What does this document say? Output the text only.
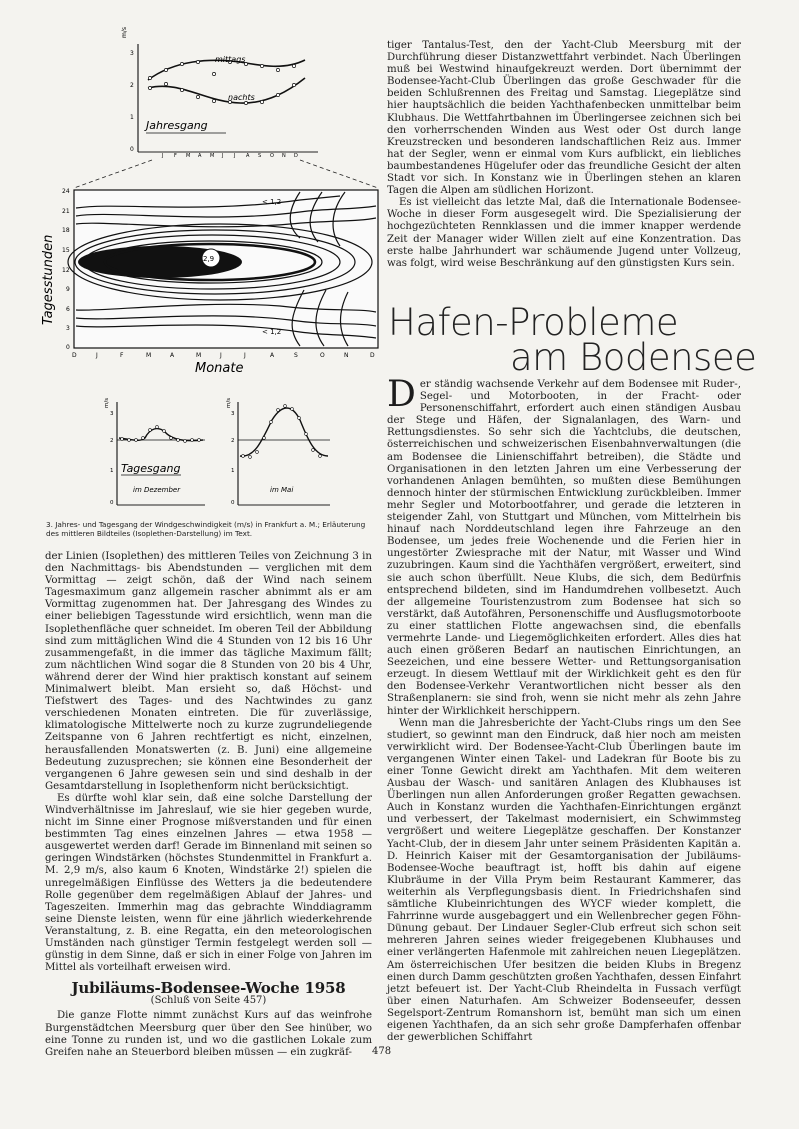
m/s
3
2
1
0
mittags
nachts
Jahresgang
J F M A M J J A S O N D
2,9
< 1,2
< 1,2
24
21
18
15
12
9
6
3
0
Tagesstunden
D	J	F	M	A	M	J	J	A	S	O	N	D
Monate
m/s
3
2
1
0
Tagesgang
im Dezember
m/s
3
2
1
0
im Mai
3. Jahres- und Tagesgang der Windgeschwindigkeit (m/s) in Frankfurt a. M.; Erläuterung des mittleren Bildteiles (Isoplethen-Darstellung) im Text.

der Linien (Isoplethen) des mittleren Teiles von Zeichnung 3 in den Nachmittags- bis Abendstunden — verglichen mit dem Vormittag — zeigt schön, daß der Wind nach seinem Tagesmaximum ganz allgemein rascher abnimmt als er am Vormittag zugenommen hat. Der Jahresgang des Windes zu einer beliebigen Tagesstunde wird ersichtlich, wenn man die Isoplethenfläche quer schneidet. Im oberen Teil der Abbildung sind zum mittäglichen Wind die 4 Stunden von 12 bis 16 Uhr zusammengefaßt, in die immer das tägliche Maximum fällt; zum nächtlichen Wind sogar die 8 Stunden von 20 bis 4 Uhr, während derer der Wind hier praktisch konstant auf seinem Minimalwert bleibt. Man ersieht so, daß Höchst- und Tiefstwert des Tages- und des Nachtwindes zu ganz verschiedenen Monaten eintreten. Die für zuverlässige, klimatologische Mittelwerte noch zu kurze zugrundeliegende Zeitspanne von 6 Jahren rechtfertigt es nicht, einzelnen, herausfallenden Monatswerten (z. B. Juni) eine allgemeine Bedeutung zuzusprechen; sie können eine Besonderheit der vergangenen 6 Jahre gewesen sein und sind deshalb in der Gesamtdarstellung in Isoplethenform nicht berücksichtigt.

Es dürfte wohl klar sein, daß eine solche Darstellung der Windverhältnisse im Jahreslauf, wie sie hier gegeben wurde, nicht im Sinne einer Prognose mißverstanden und für einen bestimmten Tag eines einzelnen Jahres — etwa 1958 — ausgewertet werden darf! Gerade im Binnenland mit seinen so geringen Windstärken (höchstes Stundenmittel in Frankfurt a. M. 2,9 m/s, also kaum 6 Knoten, Windstärke 2!) spielen die unregelmäßigen Einflüsse des Wetters ja die bedeutendere Rolle gegenüber dem regelmäßigen Ablauf der Jahres- und Tageszeiten. Immerhin mag das gebrachte Winddiagramm seine Dienste leisten, wenn für eine jährlich wiederkehrende Veranstaltung, z. B. eine Regatta, ein den meteorologischen Umständen nach günstiger Termin festgelegt werden soll — günstig in dem Sinne, daß er sich in einer Folge von Jahren im Mittel als vorteilhaft erweisen wird.

Jubiläums-Bodensee-Woche 1958
(Schluß von Seite 457)

Die ganze Flotte nimmt zunächst Kurs auf das weinfrohe Burgenstädtchen Meersburg quer über den See hinüber, wo eine Tonne zu runden ist, und wo die gastlichen Lokale zum Greifen nahe an Steuerbord bleiben müssen — ein zugkräf-

tiger Tantalus-Test, den der Yacht-Club Meersburg mit der Durchführung dieser Distanzwettfahrt verbindet. Nach Überlingen muß bei Westwind hinaufgekreuzt werden. Dort übernimmt der Bodensee-Yacht-Club Überlingen das große Geschwader für die beiden Schlußrennen des Freitag und Samstag. Liegeplätze sind hier hauptsächlich die beiden Yachthafenbecken unmittelbar beim Klubhaus. Die Wettfahrtbahnen im Überlingersee zeichnen sich bei den vorherrschenden Winden aus West oder Ost durch lange Kreuzstrecken und besonderen landschaftlichen Reiz aus. Immer hat der Segler, wenn er einmal vom Kurs aufblickt, ein liebliches baumbestandenes Hügelufer oder das freundliche Gesicht der alten Stadt vor sich. In Konstanz wie in Überlingen stehen an klaren Tagen die Alpen am südlichen Horizont.

Es ist vielleicht das letzte Mal, daß die Internationale Bodensee-Woche in dieser Form ausgesegelt wird. Die Spezialisierung der hochgezüchteten Rennklassen und die immer knapper werdende Zeit der Manager wider Willen zielt auf eine Konzentration. Das erste halbe Jahrhundert war schäumende Jugend unter Vollzeug, was folgt, wird weise Beschränkung auf den günstigsten Kurs sein.

Hafen-Probleme
am Bodensee

Der ständig wachsende Verkehr auf dem Bodensee mit Ruder-, Segel- und Motorbooten, in der Fracht- oder Personenschiffahrt, erfordert auch einen ständigen Ausbau der Stege und Häfen, der Signalanlagen, des Warn- und Rettungsdienstes. So sehr sich die Yachtclubs, die deutschen, österreichischen und schweizerischen Eisenbahnverwaltungen (die am Bodensee die Linienschiffahrt betreiben), die Städte und Organisationen in den letzten Jahren um eine Verbesserung der vorhandenen Anlagen bemühten, so mußten diese Bemühungen dennoch hinter der stürmischen Entwicklung zurückbleiben. Immer mehr Segler und Motorbootfahrer, und gerade die letzteren in steigender Zahl, von Stuttgart und München, vom Mittelrhein bis hinauf nach Norddeutschland legen ihre Fahrzeuge an den Bodensee, um jedes freie Wochenende und die Ferien hier in ungestörter Zwiesprache mit der Natur, mit Wasser und Wind zuzubringen. Kaum sind die Yachthäfen vergrößert, erweitert, sind sie auch schon überfüllt. Neue Klubs, die sich, dem Bedürfnis entsprechend bildeten, sind im Handumdrehen vollbesetzt. Auch der allgemeine Touristenzustrom zum Bodensee hat sich so verstärkt, daß Autofähren, Personenschiffe und Ausflugsmotorboote zu einer stattlichen Flotte angewachsen sind, die ebenfalls vermehrte Lande- und Liegemöglichkeiten erfordert. Alles dies hat auch einen größeren Bedarf an nautischen Einrichtungen, an Seezeichen, und eine bessere Wetter- und Rettungsorganisation erzeugt. In diesem Wettlauf mit der Wirklichkeit geht es den für den Bodensee-Verkehr Verantwortlichen nicht besser als den Straßenplanern: sie sind froh, wenn sie nicht mehr als zehn Jahre hinter der Wirklichkeit herschippern.

Wenn man die Jahresberichte der Yacht-Clubs rings um den See studiert, so gewinnt man den Eindruck, daß hier noch am meisten verwirklicht wird. Der Bodensee-Yacht-Club Überlingen baute im vergangenen Winter einen Takel- und Ladekran für Boote bis zu einer Tonne Gewicht direkt am Yachthafen. Mit dem weiteren Ausbau der Wasch- und sanitären Anlagen des Klubhauses ist Überlingen nun allen Anforderungen großer Regatten gewachsen. Auch in Konstanz wurden die Yachthafen-Einrichtungen ergänzt und verbessert, der Takelmast modernisiert, ein Schwimmsteg vergrößert und weitere Liegeplätze geschaffen. Der Konstanzer Yacht-Club, der in diesem Jahr unter seinem Präsidenten Kapitän a. D. Heinrich Kaiser mit der Gesamtorganisation der Jubiläums-Bodensee-Woche beauftragt ist, hofft bis dahin auf eigene Klubräume in der Villa Prym beim Restaurant Kammerer, das weiterhin als Verpflegungsbasis dient. In Friedrichshafen sind sämtliche Klubeinrichtungen des WYCF wieder komplett, die Fahrrinne wurde ausgebaggert und ein Wellenbrecher gegen Föhn-Dünung gebaut. Der Lindauer Segler-Club erfreut sich schon seit mehreren Jahren seines wieder freigegebenen Klubhauses und einer verlängerten Hafenmole mit zahlreichen neuen Liegeplätzen. Am österreichischen Ufer besitzen die beiden Klubs in Bregenz einen durch Damm geschützten großen Yachthafen, dessen Einfahrt jetzt befeuert ist. Der Yacht-Club Rheindelta in Fussach verfügt über einen Naturhafen. Am Schweizer Bodenseeufer, dessen Segelsport-Zentrum Romanshorn ist, bemüht man sich um einen eigenen Yachthafen, da an sich sehr große Dampferhafen offenbar der gewerblichen Schiffahrt

478
